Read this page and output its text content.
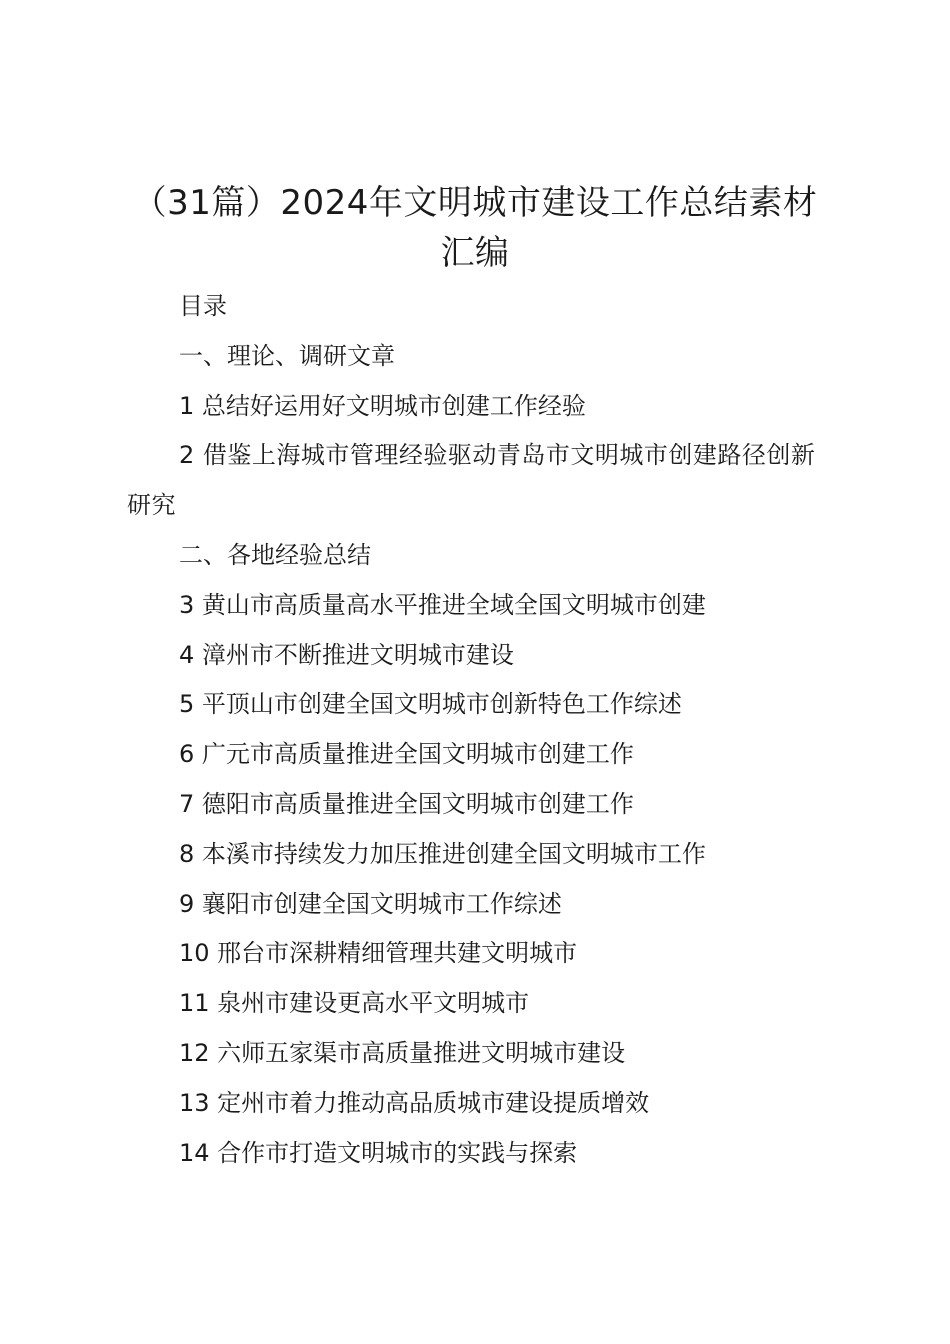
（31篇）2024年文明城市建设工作总结素材汇编
目录
一、理论、调研文章
1 总结好运用好文明城市创建工作经验
2 借鉴上海城市管理经验驱动青岛市文明城市创建路径创新研究
二、各地经验总结
3 黄山市高质量高水平推进全域全国文明城市创建
4 漳州市不断推进文明城市建设
5 平顶山市创建全国文明城市创新特色工作综述
6 广元市高质量推进全国文明城市创建工作
7 德阳市高质量推进全国文明城市创建工作
8 本溪市持续发力加压推进创建全国文明城市工作
9 襄阳市创建全国文明城市工作综述
10 邢台市深耕精细管理共建文明城市
11 泉州市建设更高水平文明城市
12 六师五家渠市高质量推进文明城市建设
13 定州市着力推动高品质城市建设提质增效
14 合作市打造文明城市的实践与探索
